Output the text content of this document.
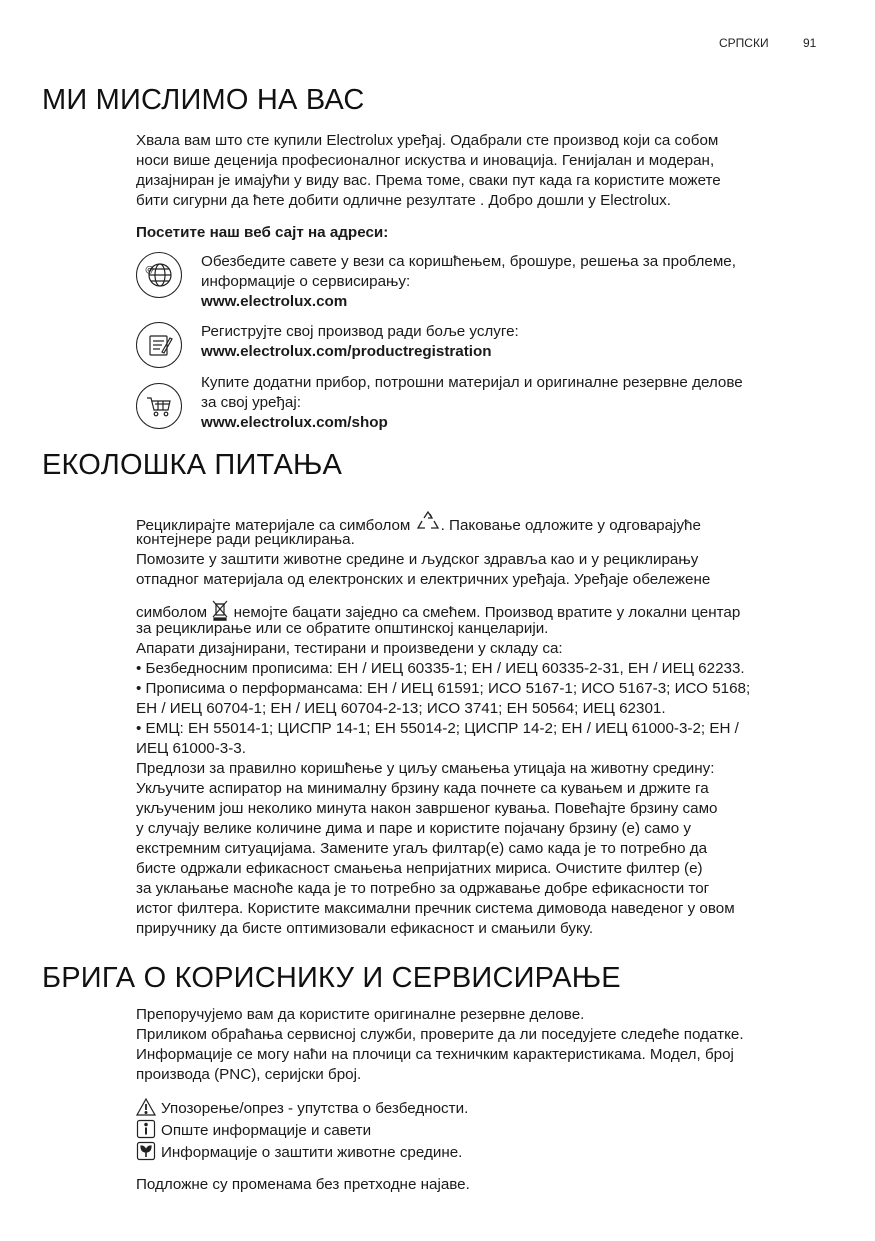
СРПСКИ	91
МИ МИСЛИМО НА ВАС
Хвала вам што сте купили Electrolux уређај. Одабрали сте производ који са собом
носи више деценија професионалног искуства и иновација. Генијалан и модеран,
дизајниран је имајући у виду вас. Према томе, сваки пут када га користите можете
бити сигурни да ћете добити одличне резултате . Добро дошли у Electrolux.
Посетите наш веб сајт на адреси:
@	Обезбедите савете у вези са коришћењем, брошуре, решења за проблеме,
информације о сервисирању:
www.electrolux.com
Региструјте свој производ ради боље услуге:
www.electrolux.com/productregistration
Купите додатни прибор, потрошни материјал и оригиналне резервне делове
за свој уређај:
www.electrolux.com/shop
ЕКОЛОШКА ПИТАЊА
Рециклирајте материјале са симболом . Паковање одложите у одговарајуће
контејнере ради рециклирања.
Помозите у заштити животне средине и људског здравља као и у рециклирању
отпадног материјала од електронских и електричних уређаја. Уређаје обележене
симболом немојте бацати заједно са смећем. Производ вратите у локални центар
за рециклирање или се обратите општинској канцеларији.
Апарати дизајнирани, тестирани и произведени у складу са:
• Безбедносним прописима: ЕН / ИЕЦ 60335-1; ЕН / ИЕЦ 60335-2-31, ЕН / ИЕЦ 62233.
• Прописима о перформансама: ЕН / ИЕЦ 61591; ИСО 5167-1; ИСО 5167-3; ИСО 5168;
ЕН / ИЕЦ 60704-1; ЕН / ИЕЦ 60704-2-13; ИСО 3741; ЕН 50564; ИЕЦ 62301.
• ЕМЦ: ЕН 55014-1; ЦИСПР 14-1; ЕН 55014-2; ЦИСПР 14-2; ЕН / ИЕЦ 61000-3-2; ЕН /
ИЕЦ 61000-3-3.
Предлози за правилно коришћење у циљу смањења утицаја на животну средину:
Укључите аспиратор на минималну брзину када почнете са кувањем и држите га
укљученим још неколико минута након завршеног кувања. Повећајте брзину само
у случају велике количине дима и паре и користите појачану брзину (е) само у
екстремним ситуацијама. Замените угаљ филтар(е) само када је то потребно да
бисте одржали ефикасност смањења непријатних мириса. Очистите филтер (е)
за уклањање масноће када је то потребно за одржавање добре ефикасности тог
истог филтера. Користите максимални пречник система димовода наведеног у овом
приручнику да бисте оптимизовали ефикасност и смањили буку.
БРИГА О КОРИСНИКУ И СЕРВИСИРАЊЕ
Препоручујемо вам да користите оригиналне резервне делове.
Приликом обраћања сервисној служби, проверите да ли поседујете следеће податке.
Информације се могу наћи на плочици са техничким карактеристикама. Модел, број
производа (PNC), серијски број.
Упозорење/опрез - упутства о безбедности.
Опште информације и савети
Информације о заштити животне средине.
Подложне су променама без претходне најаве.
